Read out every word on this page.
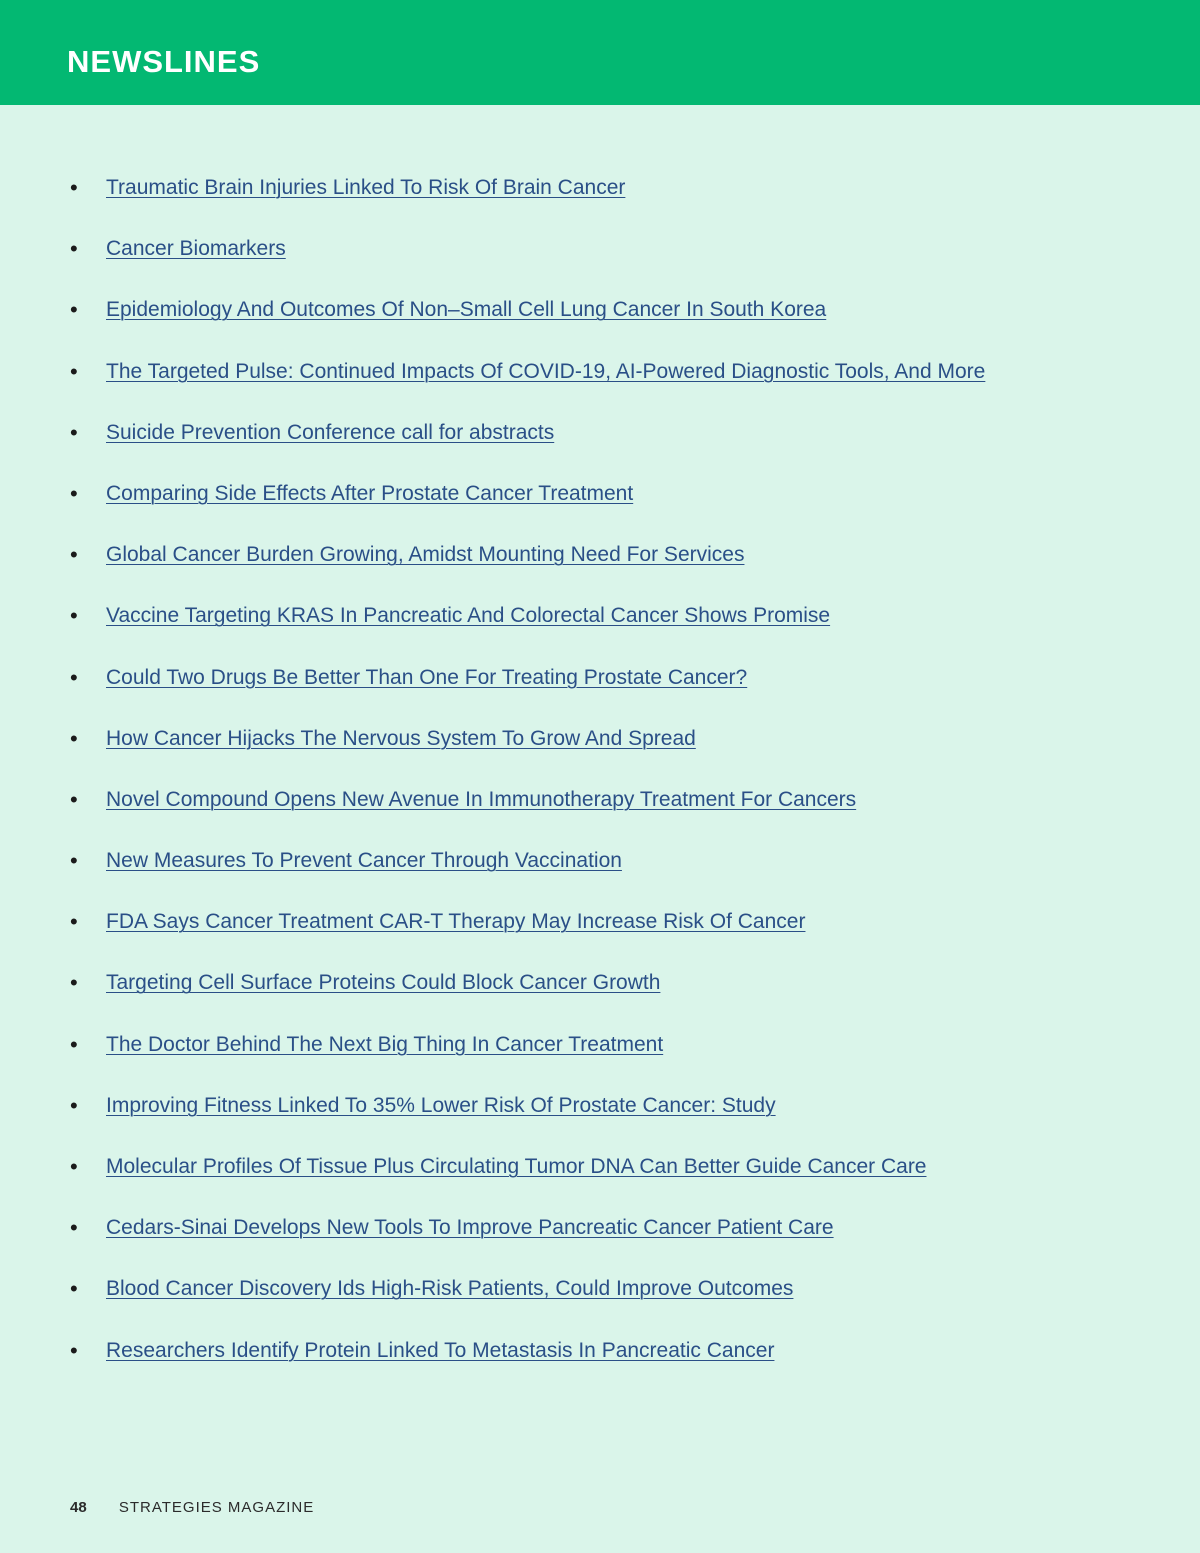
NEWSLINES
• Traumatic Brain Injuries Linked To Risk Of Brain Cancer
• Cancer Biomarkers
• Epidemiology And Outcomes Of Non–Small Cell Lung Cancer In South Korea
• The Targeted Pulse: Continued Impacts Of COVID-19, AI-Powered Diagnostic Tools, And More
• Suicide Prevention Conference call for abstracts
• Comparing Side Effects After Prostate Cancer Treatment
• Global Cancer Burden Growing, Amidst Mounting Need For Services
• Vaccine Targeting KRAS In Pancreatic And Colorectal Cancer Shows Promise
• Could Two Drugs Be Better Than One For Treating Prostate Cancer?
• How Cancer Hijacks The Nervous System To Grow And Spread
• Novel Compound Opens New Avenue In Immunotherapy Treatment For Cancers
• New Measures To Prevent Cancer Through Vaccination
• FDA Says Cancer Treatment CAR-T Therapy May Increase Risk Of Cancer
• Targeting Cell Surface Proteins Could Block Cancer Growth
• The Doctor Behind The Next Big Thing In Cancer Treatment
• Improving Fitness Linked To 35% Lower Risk Of Prostate Cancer: Study
• Molecular Profiles Of Tissue Plus Circulating Tumor DNA Can Better Guide Cancer Care
• Cedars-Sinai Develops New Tools To Improve Pancreatic Cancer Patient Care
• Blood Cancer Discovery Ids High-Risk Patients, Could Improve Outcomes
• Researchers Identify Protein Linked To Metastasis In Pancreatic Cancer
48 STRATEGIES MAGAZINE
